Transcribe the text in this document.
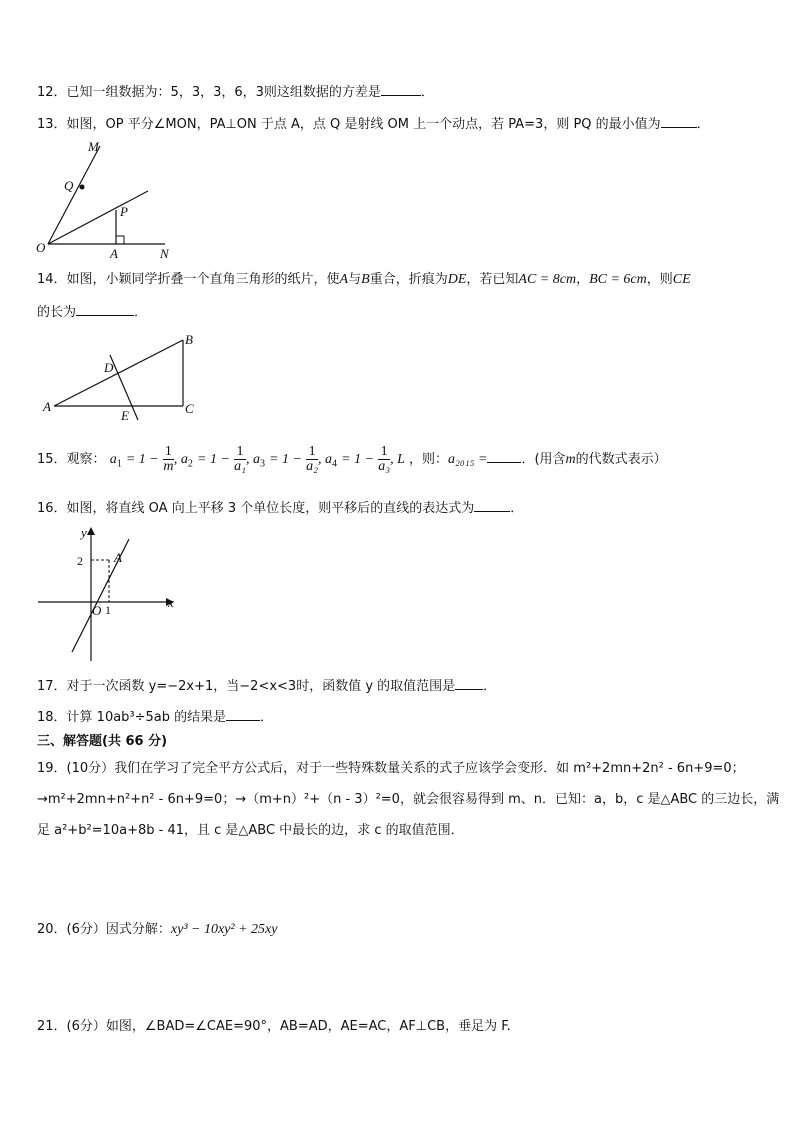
12．已知一组数据为：5，3，3，6，3则这组数据的方差是	．
13．如图，OP 平分∠MON，PA⊥ON 于点 A，点 Q 是射线 OM 上一个动点，若 PA=3，则 PQ 的最小值为	．
M
Q
P
O	A	N
14．如图，小颖同学折叠一个直角三角形的纸片，使A与B重合，折痕为DE，若已知AC = 8cm，BC = 6cm，则CE
的长为	．
A
B
C
D
E
15．观察： $a_1 = 1 - \frac{1}{m}$ , $a_2 = 1 - \frac{1}{\text{a₁}}$ , $a_3 = 1 - \frac{1}{\text{a₂}}$ , $a_4 = 1 - \frac{1}{\text{a₃}}$ , L ，则：a₂₀₁₅ =	．(用含m的代数式表示）
16．如图，将直线 OA 向上平移 3 个单位长度，则平移后的直线的表达式为	．
y
x
O
A
2
1
17．对于一次函数 y=−2x+1，当−2<x<3时，函数值 y 的取值范围是 ．
18．计算 10ab³÷5ab 的结果是	．
三、解答题(共 66 分)
19．(10分）我们在学习了完全平方公式后，对于一些特殊数量关系的式子应该学会变形．如 m²+2mn+2n² - 6n+9=0；
→m²+2mn+n²+n² - 6n+9=0；→（m+n）²+（n - 3）²=0，就会很容易得到 m、n．已知：a，b，c 是△ABC 的三边长，满
足 a²+b²=10a+8b - 41，且 c 是△ABC 中最长的边，求 c 的取值范围．
20．(6分）因式分解：xy³ − 10xy² + 25xy
21．(6分）如图，∠BAD=∠CAE=90°，AB=AD，AE=AC，AF⊥CB，垂足为 F.
